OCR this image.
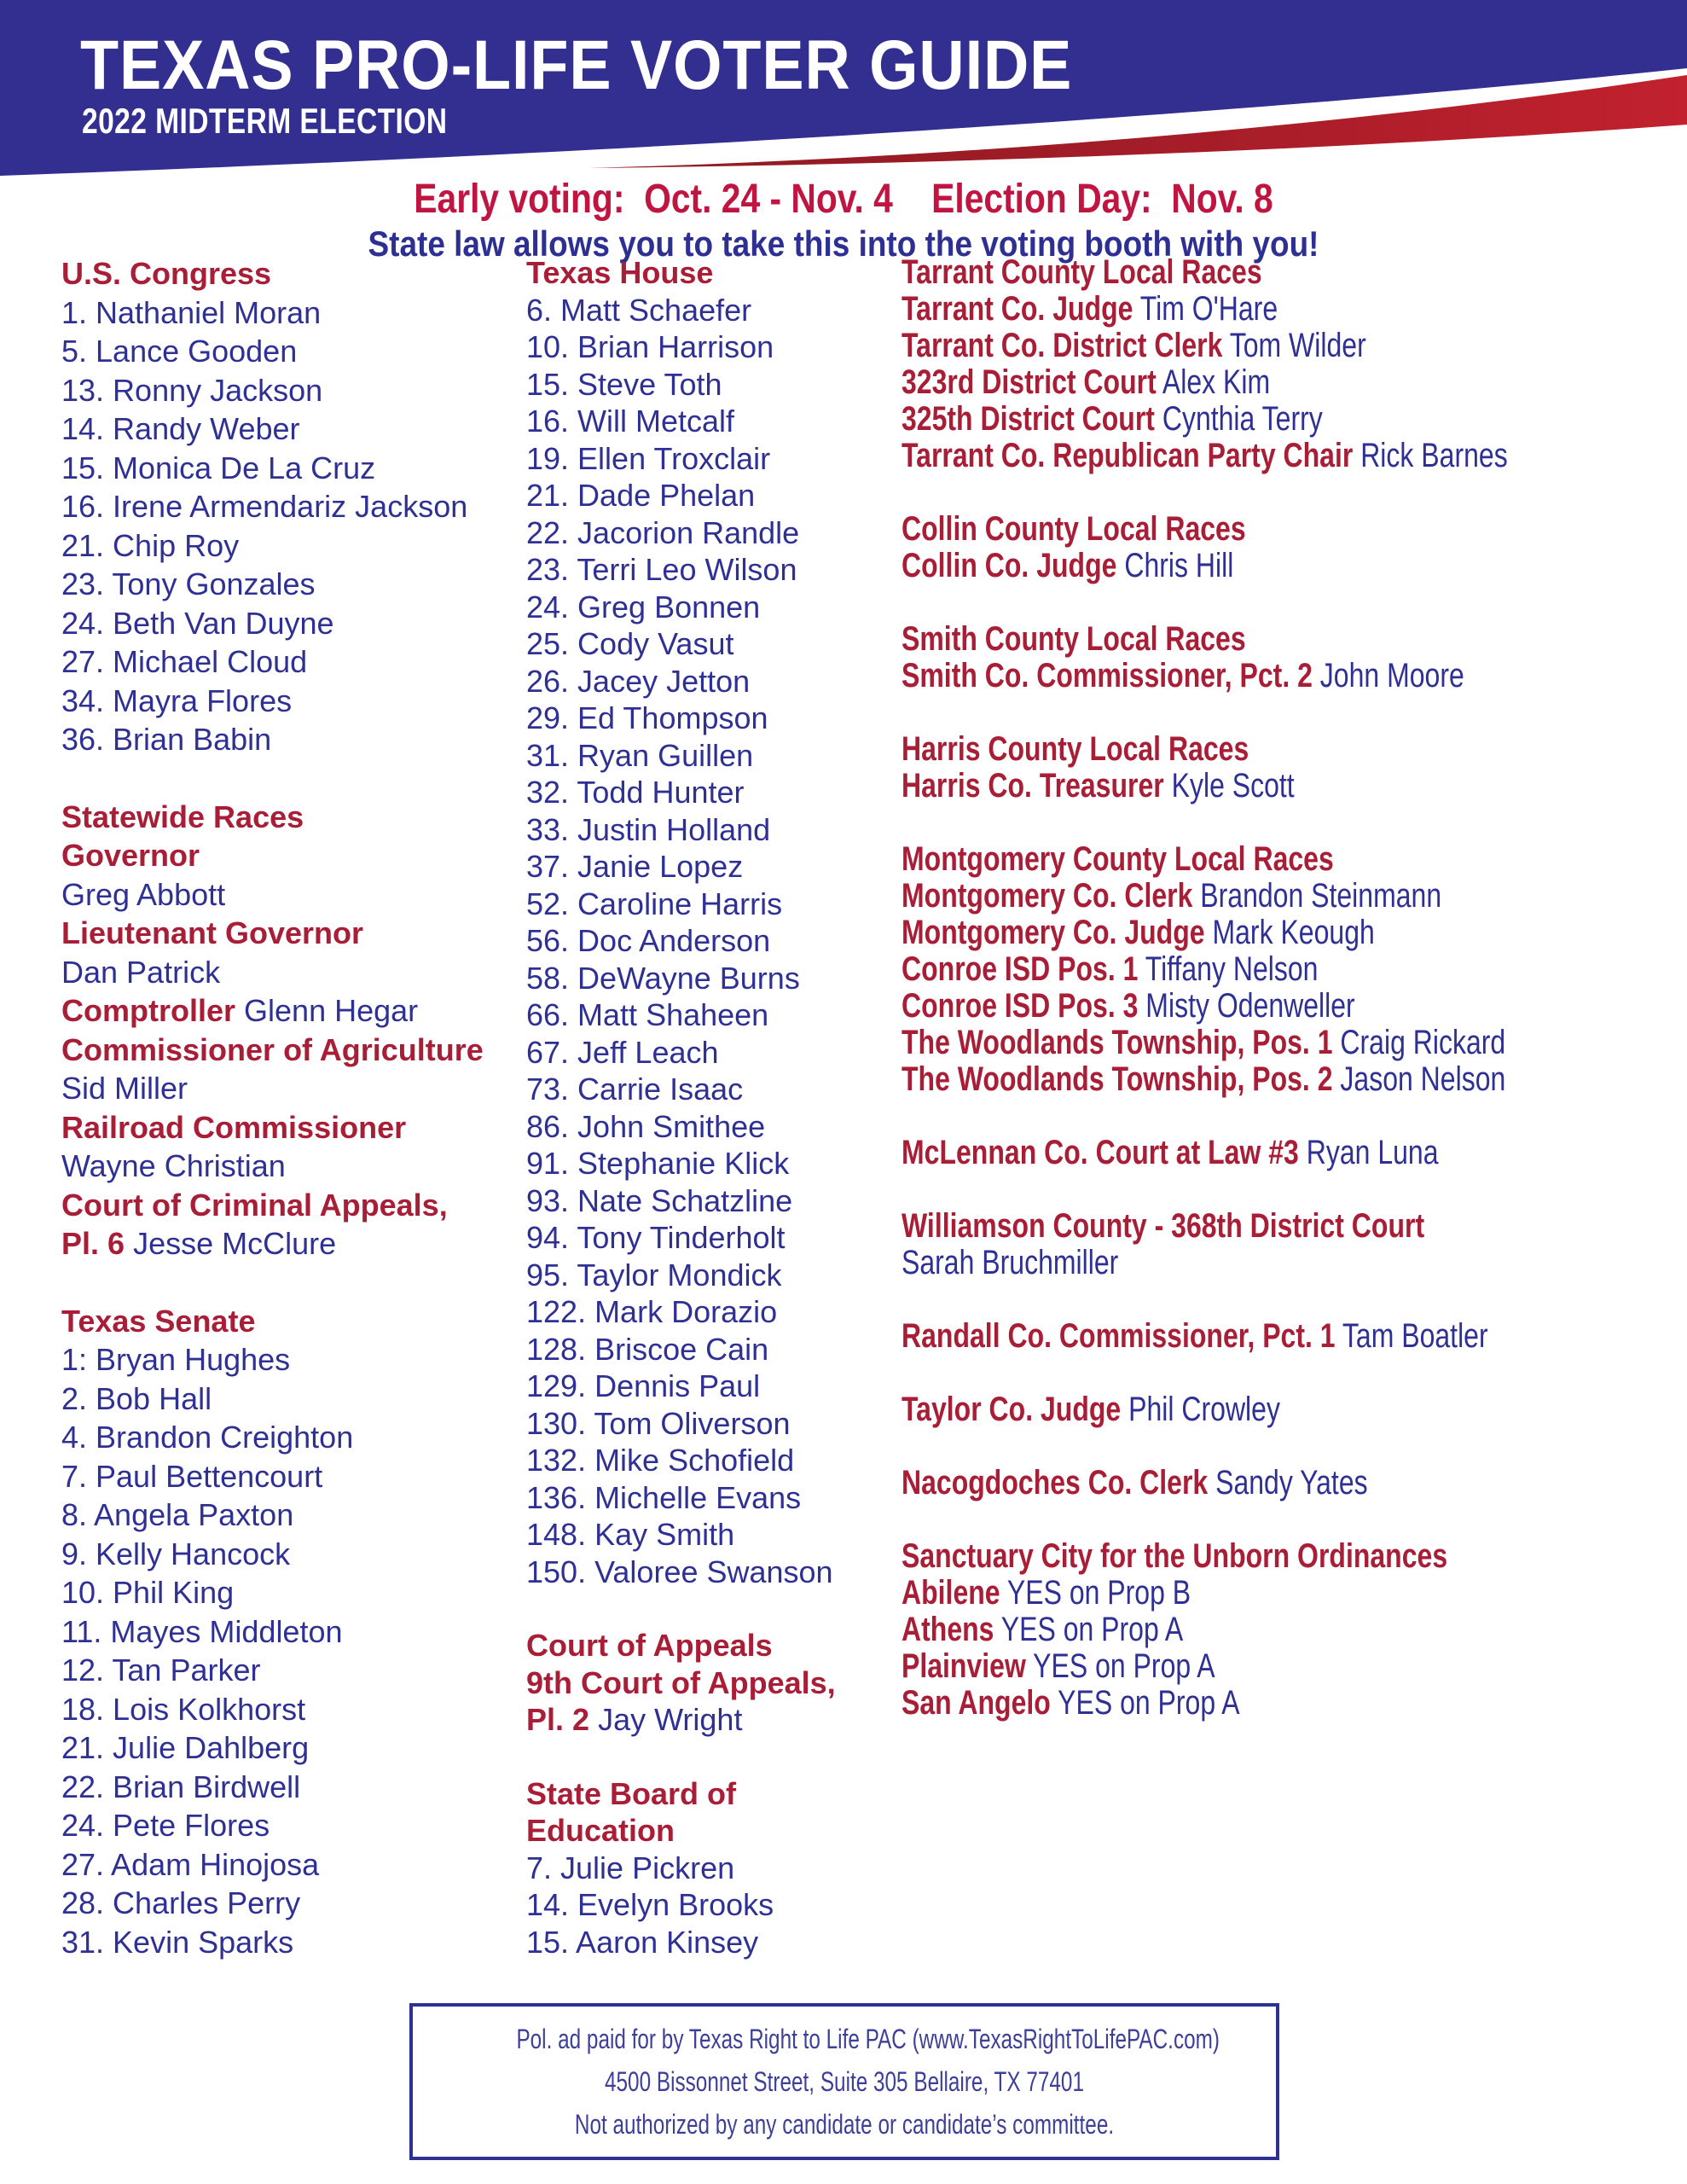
TEXAS PRO-LIFE VOTER GUIDE
2022 MIDTERM ELECTION
Early voting:  Oct. 24 - Nov. 4    Election Day:  Nov. 8
State law allows you to take this into the voting booth with you!
U.S. Congress
1. Nathaniel Moran
5. Lance Gooden
13. Ronny Jackson
14. Randy Weber
15. Monica De La Cruz
16. Irene Armendariz Jackson
21. Chip Roy
23. Tony Gonzales
24. Beth Van Duyne
27. Michael Cloud
34. Mayra Flores
36. Brian Babin
Statewide Races
Governor
Greg Abbott
Lieutenant Governor
Dan Patrick
Comptroller Glenn Hegar
Commissioner of Agriculture
Sid Miller
Railroad Commissioner
Wayne Christian
Court of Criminal Appeals,
Pl. 6 Jesse McClure
Texas Senate
1: Bryan Hughes
2. Bob Hall
4. Brandon Creighton
7. Paul Bettencourt
8. Angela Paxton
9. Kelly Hancock
10. Phil King
11. Mayes Middleton
12. Tan Parker
18. Lois Kolkhorst
21. Julie Dahlberg
22. Brian Birdwell
24. Pete Flores
27. Adam Hinojosa
28. Charles Perry
31. Kevin Sparks
Texas House
6. Matt Schaefer
10. Brian Harrison
15. Steve Toth
16. Will Metcalf
19. Ellen Troxclair
21. Dade Phelan
22. Jacorion Randle
23. Terri Leo Wilson
24. Greg Bonnen
25. Cody Vasut
26. Jacey Jetton
29. Ed Thompson
31. Ryan Guillen
32. Todd Hunter
33. Justin Holland
37. Janie Lopez
52. Caroline Harris
56. Doc Anderson
58. DeWayne Burns
66. Matt Shaheen
67. Jeff Leach
73. Carrie Isaac
86. John Smithee
91. Stephanie Klick
93. Nate Schatzline
94. Tony Tinderholt
95. Taylor Mondick
122. Mark Dorazio
128. Briscoe Cain
129. Dennis Paul
130. Tom Oliverson
132. Mike Schofield
136. Michelle Evans
148. Kay Smith
150. Valoree Swanson
Court of Appeals
9th Court of Appeals,
Pl. 2 Jay Wright
State Board of
Education
7. Julie Pickren
14. Evelyn Brooks
15. Aaron Kinsey
Tarrant County Local Races
Tarrant Co. Judge Tim O'Hare
Tarrant Co. District Clerk Tom Wilder
323rd District Court Alex Kim
325th District Court Cynthia Terry
Tarrant Co. Republican Party Chair Rick Barnes
Collin County Local Races
Collin Co. Judge Chris Hill
Smith County Local Races
Smith Co. Commissioner, Pct. 2 John Moore
Harris County Local Races
Harris Co. Treasurer Kyle Scott
Montgomery County Local Races
Montgomery Co. Clerk Brandon Steinmann
Montgomery Co. Judge Mark Keough
Conroe ISD Pos. 1 Tiffany Nelson
Conroe ISD Pos. 3 Misty Odenweller
The Woodlands Township, Pos. 1 Craig Rickard
The Woodlands Township, Pos. 2 Jason Nelson
McLennan Co. Court at Law #3 Ryan Luna
Williamson County - 368th District Court
Sarah Bruchmiller
Randall Co. Commissioner, Pct. 1 Tam Boatler
Taylor Co. Judge Phil Crowley
Nacogdoches Co. Clerk Sandy Yates
Sanctuary City for the Unborn Ordinances
Abilene YES on Prop B
Athens YES on Prop A
Plainview YES on Prop A
San Angelo YES on Prop A
Pol. ad paid for by Texas Right to Life PAC (www.TexasRightToLifePAC.com)
4500 Bissonnet Street, Suite 305 Bellaire, TX 77401
Not authorized by any candidate or candidate’s committee.
